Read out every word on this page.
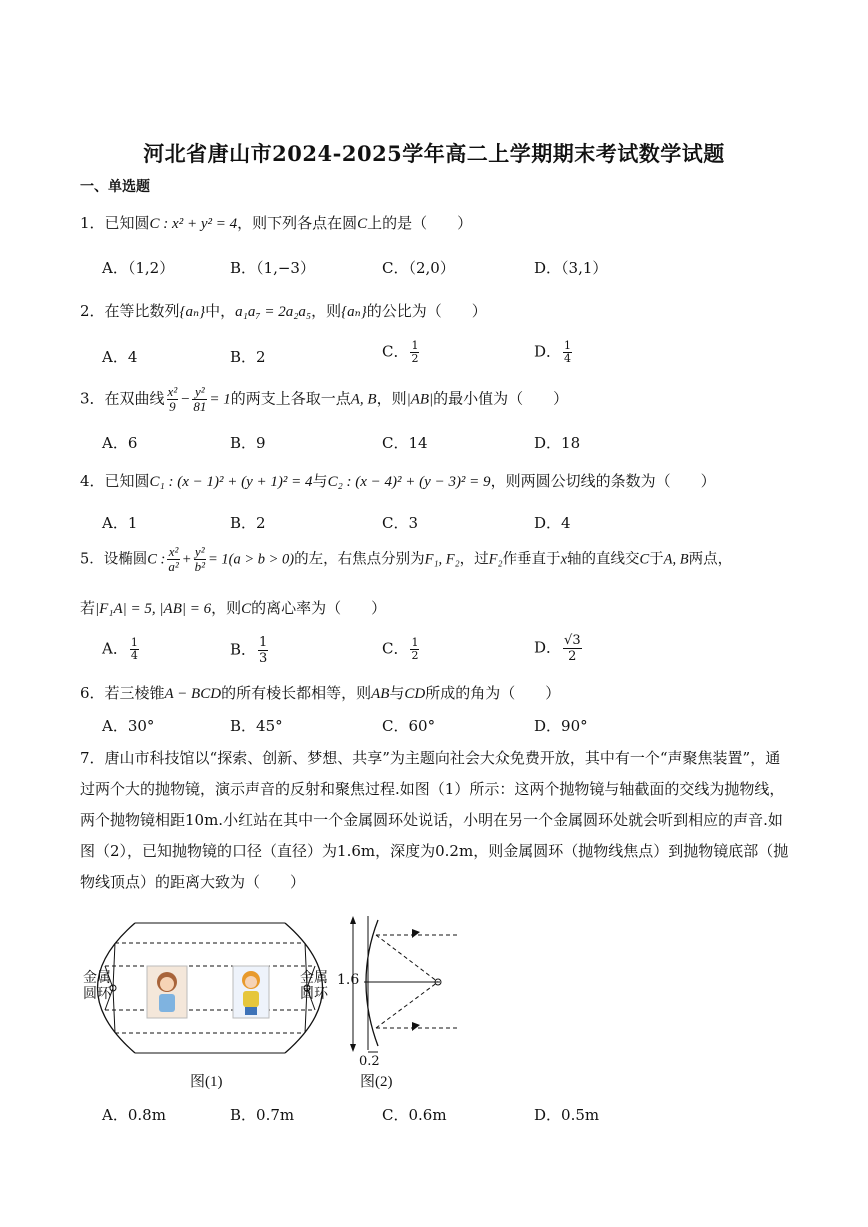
河北省唐山市2024-2025学年高二上学期期末考试数学试题
一、单选题
1．已知圆C : x² + y² = 4，则下列各点在圆C上的是（　　）
A．（1,2）	B．（1,−3）	C．（2,0）	D．（3,1）
2．在等比数列{aₙ}中，a₁a₇ = 2a₂a₅，则{aₙ}的公比为（　　）
A．4	B．2	C． $\frac{1}{2}$	D． $\frac{1}{4}$
3．在双曲线 $\frac{\text{x²}}{9} - \frac{\text{y²}}{81} = 1$的两支上各取一点A, B，则|AB|的最小值为（　　）
A．6	B．9	C．14	D．18
4．已知圆C₁ : (x − 1)² + (y + 1)² = 4与C₂ : (x − 4)² + (y − 3)² = 9，则两圆公切线的条数为（　　）
A．1	B．2	C．3	D．4
5．设椭圆C : $\frac{\text{x²}}{\text{a²}} + \frac{\text{y²}}{\text{b²}} = 1(a > b > 0)$的左，右焦点分别为F₁, F₂，过F₂作垂直于x轴的直线交C于A, B两点，
若|F₁A| = 5, |AB| = 6，则C的离心率为（　　）
A． $\frac{1}{4}$	B． $\frac{1}{3}$	C． $\frac{1}{2}$	D． $\frac{√3}{2}$
6．若三棱锥A − BCD的所有棱长都相等，则AB与CD所成的角为（　　）
A．30°	B．45°	C．60°	D．90°
7．唐山市科技馆以“探索、创新、梦想、共享”为主题向社会大众免费开放，其中有一个“声聚焦装置”，通过两个大的抛物镜，演示声音的反射和聚焦过程.如图（1）所示：这两个抛物镜与轴截面的交线为抛物线，两个抛物镜相距10m.小红站在其中一个金属圆环处说话，小明在另一个金属圆环处就会听到相应的声音.如图（2），已知抛物镜的口径（直径）为1.6m，深度为0.2m，则金属圆环（抛物线焦点）到抛物镜底部（抛物线顶点）的距离大致为（　　）
金属
圆环
金属
圆环
图(1)
1.6
0.2
图(2)
A．0.8m	B．0.7m	C．0.6m	D．0.5m
